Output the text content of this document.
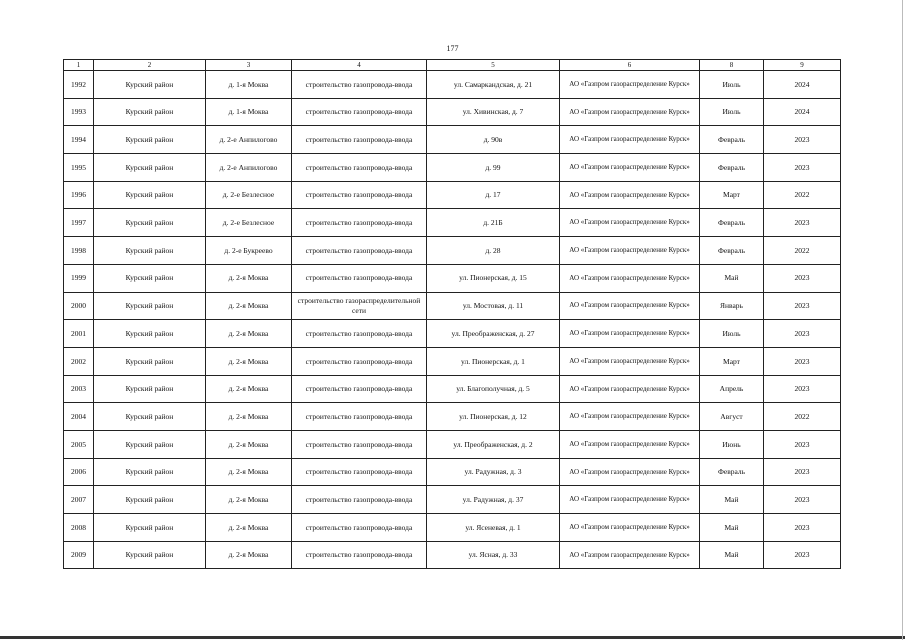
177
1	2	3	4	5	6	8	9
1992	Курский район	д. 1-я Моква	строительство газопровода-ввода	ул. Самаркандская, д. 21	АО «Газпром газораспределение Курск»	Июль	2024
1993	Курский район	д. 1-я Моква	строительство газопровода-ввода	ул. Хивинская, д. 7	АО «Газпром газораспределение Курск»	Июль	2024
1994	Курский район	д. 2-е Анпилогово	строительство газопровода-ввода	д. 90в	АО «Газпром газораспределение Курск»	Февраль	2023
1995	Курский район	д. 2-е Анпилогово	строительство газопровода-ввода	д. 99	АО «Газпром газораспределение Курск»	Февраль	2023
1996	Курский район	д. 2-е Безлесное	строительство газопровода-ввода	д. 17	АО «Газпром газораспределение Курск»	Март	2022
1997	Курский район	д. 2-е Безлесное	строительство газопровода-ввода	д. 21Б	АО «Газпром газораспределение Курск»	Февраль	2023
1998	Курский район	д. 2-е Букреево	строительство газопровода-ввода	д. 28	АО «Газпром газораспределение Курск»	Февраль	2022
1999	Курский район	д. 2-я Моква	строительство газопровода-ввода	ул. Пионерская, д. 15	АО «Газпром газораспределение Курск»	Май	2023
2000	Курский район	д. 2-я Моква	строительство газораспределительной сети	ул. Мостовая, д. 11	АО «Газпром газораспределение Курск»	Январь	2023
2001	Курский район	д. 2-я Моква	строительство газопровода-ввода	ул. Преображенская, д. 27	АО «Газпром газораспределение Курск»	Июль	2023
2002	Курский район	д. 2-я Моква	строительство газопровода-ввода	ул. Пионерская, д. 1	АО «Газпром газораспределение Курск»	Март	2023
2003	Курский район	д. 2-я Моква	строительство газопровода-ввода	ул. Благополучная, д. 5	АО «Газпром газораспределение Курск»	Апрель	2023
2004	Курский район	д. 2-я Моква	строительство газопровода-ввода	ул. Пионерская, д. 12	АО «Газпром газораспределение Курск»	Август	2022
2005	Курский район	д. 2-я Моква	строительство газопровода-ввода	ул. Преображенская, д. 2	АО «Газпром газораспределение Курск»	Июнь	2023
2006	Курский район	д. 2-я Моква	строительство газопровода-ввода	ул. Радужная, д. 3	АО «Газпром газораспределение Курск»	Февраль	2023
2007	Курский район	д. 2-я Моква	строительство газопровода-ввода	ул. Радужная, д. 37	АО «Газпром газораспределение Курск»	Май	2023
2008	Курский район	д. 2-я Моква	строительство газопровода-ввода	ул. Ясеневая, д. 1	АО «Газпром газораспределение Курск»	Май	2023
2009	Курский район	д. 2-я Моква	строительство газопровода-ввода	ул. Ясная, д. 33	АО «Газпром газораспределение Курск»	Май	2023
